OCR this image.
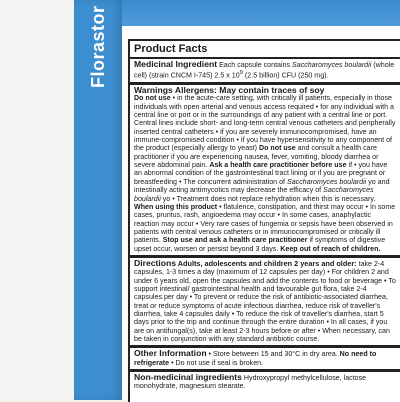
Florastor	Product Facts

Medicinal Ingredient Each capsule contains Saccharomyces boulardii (whole cell) (strain CNCM I-745) 2.5 x $10^9$ (2.5 billion) CFU (250 mg).

Warnings Allergens: May contain traces of soy

Do not use • in the acute-care setting, with critically ill patients, especially in those individuals with open arterial and venous access required • for any individual with a central line or port or in the surroundings of any patient with a central line or port. Central lines include short- and long-term central venous catheters and peripherally inserted central catheters • if you are severely immunocompromised, have an immune-compromised condition • if you have hypersensitivity to any component of the product (especially allergy to yeast) Do not use and consult a health care practitioner if you are experiencing nausea, fever, vomiting, bloody diarrhea or severe abdominal pain. Ask a health care practitioner before use if • you have an abnormal condition of the gastrointestinal tract lining or if you are pregnant or breastfeeding • The concurrent administration of Saccharomyces boulardii yo and intestinally acting antimycotics may decrease the efficacy of Saccharomyces boulardii yo • Treatment does not replace rehydration when this is necessary. When using this product • flatulence, constipation, and thirst may occur • In some cases, pruritus, rash, angioedema may occur • In some cases, anaphylactic reaction may occur • Very rare cases of fungemia or sepsis have been observed in patients with central venous catheters or in immunocompromised or critically ill patients. Stop use and ask a health care practitioner if symptoms of digestive upset occur, worsen or persist beyond 3 days. Keep out of reach of children.

Directions Adults, adolescents and children 2 years and older: take 2-4 capsules, 1-3 times a day (maximum of 12 capsules per day) • For children 2 and under 6 years old, open the capsules and add the contents to food or beverage • To support intestinal/ gastrointestinal health and favourable gut flora, take 2-4 capsules per day • To prevent or reduce the risk of antibiotic-associated diarrhea, treat or reduce symptoms of acute infectious diarrhea, reduce risk of traveller's diarrhea, take 4 capsules daily • To reduce the risk of traveller's diarrhea, start 5 days prior to the trip and continue through the entire duration • In all cases, if you are on antifungal(s), take at least 2-3 hours before or after • When necessary, can be taken in conjunction with any standard antibiotic course.

Other Information • Store between 15 and 30°C in dry area. No need to refrigerate • Do not use if seal is broken.

Non-medicinal ingredients Hydroxypropyl methylcellulose, lactose monohydrate, magnesium stearate.
